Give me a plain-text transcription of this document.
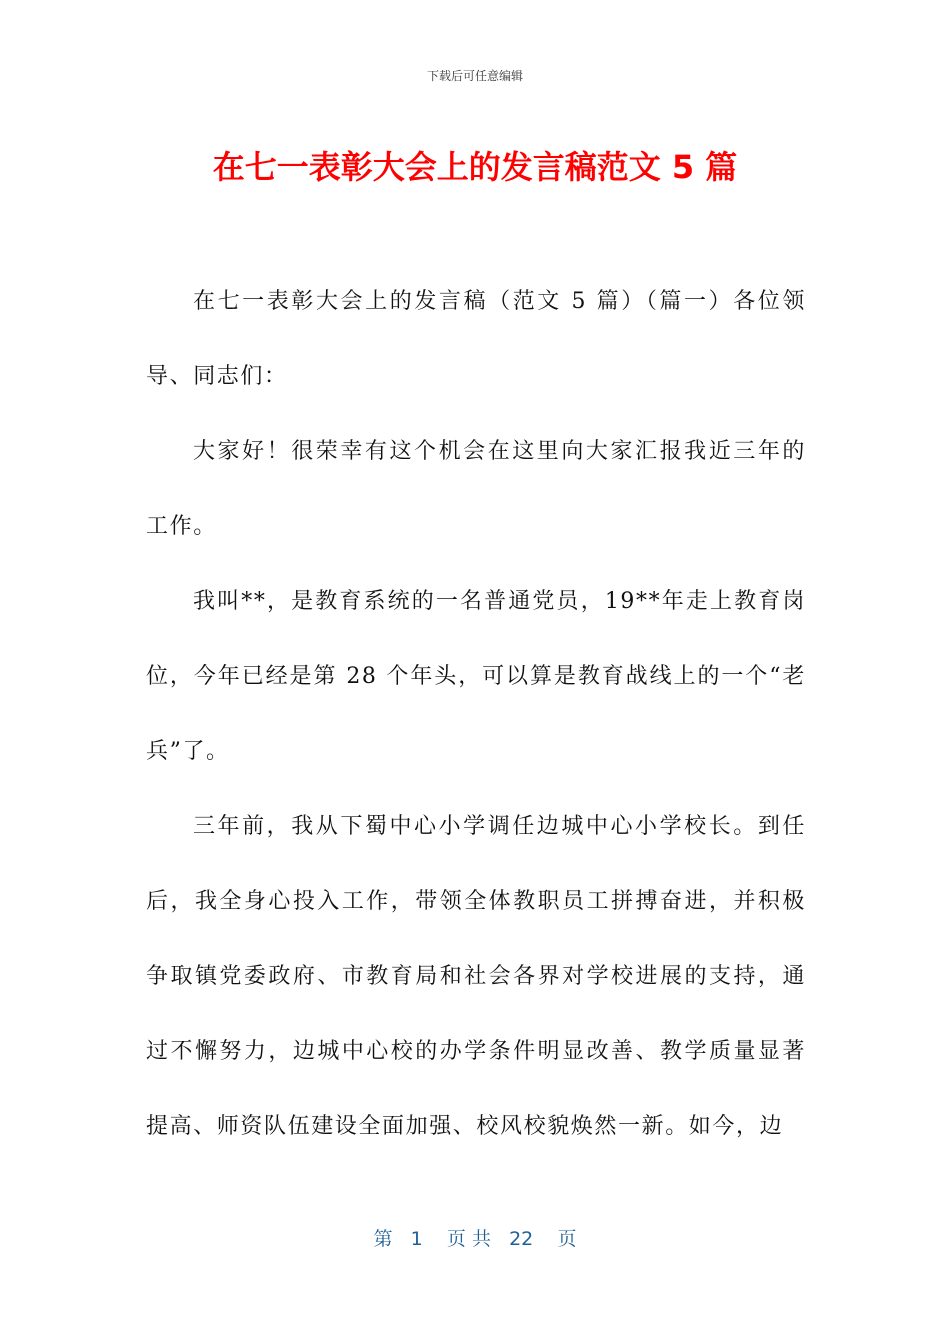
下载后可任意编辑
在七一表彰大会上的发言稿范文 5 篇

在七一表彰大会上的发言稿（范文 5 篇）（篇一）各位领导、同志们：

大家好！很荣幸有这个机会在这里向大家汇报我近三年的工作。

我叫**，是教育系统的一名普通党员，19**年走上教育岗位，今年已经是第 28 个年头，可以算是教育战线上的一个“老兵”了。

三年前，我从下蜀中心小学调任边城中心小学校长。到任后，我全身心投入工作，带领全体教职员工拼搏奋进，并积极争取镇党委政府、市教育局和社会各界对学校进展的支持，通过不懈努力，边城中心校的办学条件明显改善、教学质量显著提高、师资队伍建设全面加强、校风校貌焕然一新。如今，边

第 1 页 共 22 页
